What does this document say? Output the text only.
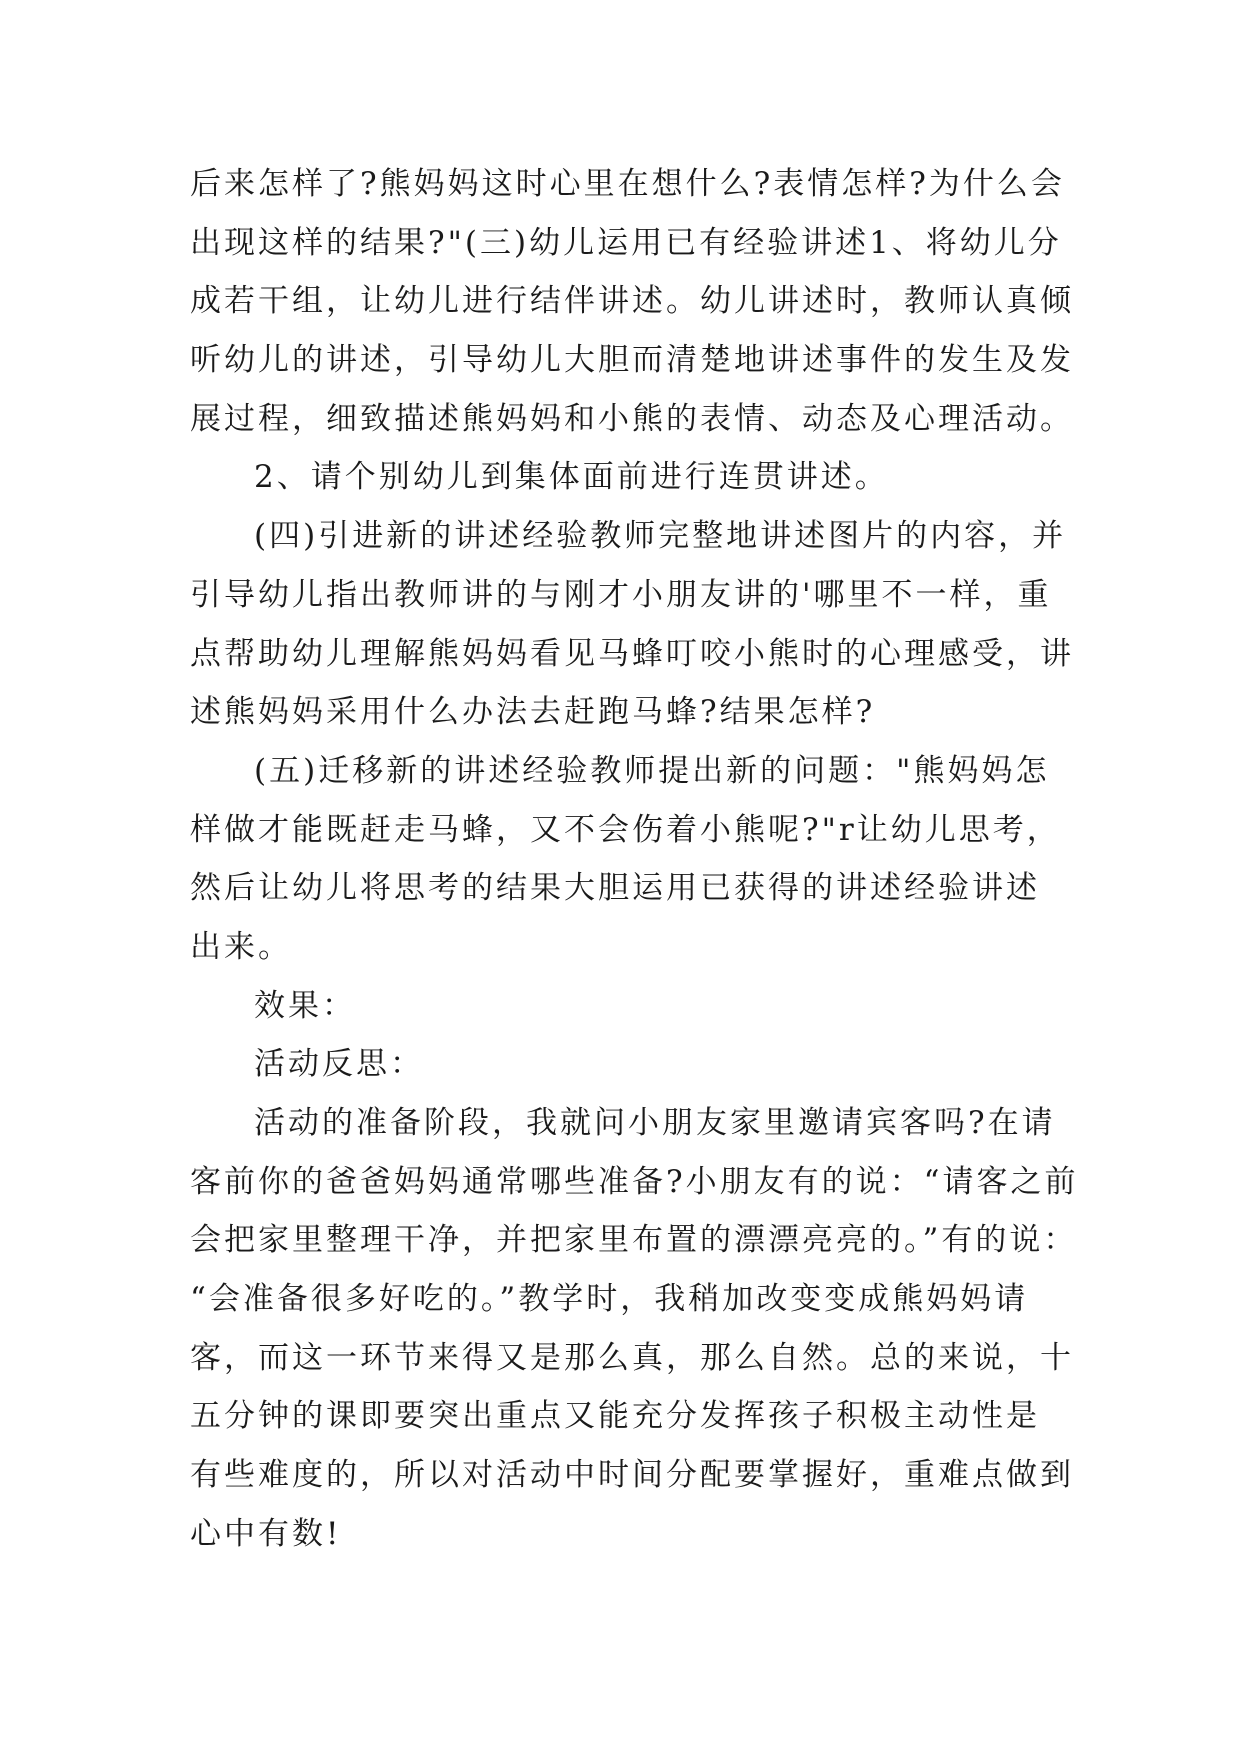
后来怎样了?熊妈妈这时心里在想什么?表情怎样?为什么会
出现这样的结果?"(三)幼儿运用已有经验讲述1、将幼儿分
成若干组，让幼儿进行结伴讲述。幼儿讲述时，教师认真倾
听幼儿的讲述，引导幼儿大胆而清楚地讲述事件的发生及发
展过程，细致描述熊妈妈和小熊的表情、动态及心理活动。
2、请个别幼儿到集体面前进行连贯讲述。
(四)引进新的讲述经验教师完整地讲述图片的内容，并
引导幼儿指出教师讲的与刚才小朋友讲的'哪里不一样，重
点帮助幼儿理解熊妈妈看见马蜂叮咬小熊时的心理感受，讲
述熊妈妈采用什么办法去赶跑马蜂?结果怎样?
(五)迁移新的讲述经验教师提出新的问题："熊妈妈怎
样做才能既赶走马蜂，又不会伤着小熊呢?"r让幼儿思考，
然后让幼儿将思考的结果大胆运用已获得的讲述经验讲述
出来。
效果：
活动反思：
活动的准备阶段，我就问小朋友家里邀请宾客吗?在请
客前你的爸爸妈妈通常哪些准备?小朋友有的说：“请客之前
会把家里整理干净，并把家里布置的漂漂亮亮的。”有的说：
“会准备很多好吃的。”教学时，我稍加改变变成熊妈妈请
客，而这一环节来得又是那么真，那么自然。总的来说，十
五分钟的课即要突出重点又能充分发挥孩子积极主动性是
有些难度的，所以对活动中时间分配要掌握好，重难点做到
心中有数!
